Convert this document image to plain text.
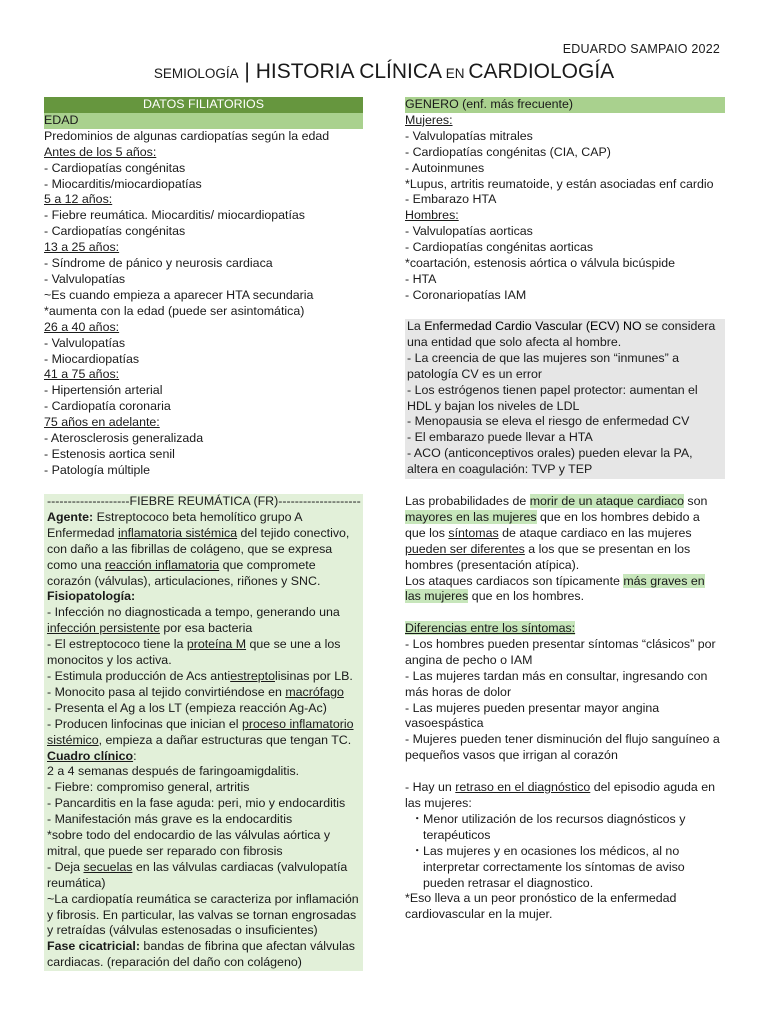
EDUARDO SAMPAIO 2022
SEMIOLOGÍA | HISTORIA CLÍNICA EN CARDIOLOGÍA
DATOS FILIATORIOS
EDAD
Predominios de algunas cardiopatías según la edad
Antes de los 5 años:
- Cardiopatías congénitas
- Miocarditis/miocardiopatías
5 a 12 años:
- Fiebre reumática. Miocarditis/ miocardiopatías
- Cardiopatías congénitas
13 a 25 años:
- Síndrome de pánico y neurosis cardiaca
- Valvulopatías
~Es cuando empieza a aparecer HTA secundaria
*aumenta con la edad (puede ser asintomática)
26 a 40 años:
- Valvulopatías
- Miocardiopatías
41 a 75 años:
- Hipertensión arterial
- Cardiopatía coronaria
75 años en adelante:
- Aterosclerosis generalizada
- Estenosis aortica senil
- Patología múltiple
--------------------FIEBRE REUMÁTICA (FR)--------------------
Agente: Estreptococo beta hemolítico grupo A
Enfermedad inflamatoria sistémica del tejido conectivo,
con daño a las fibrillas de colágeno, que se expresa
como una reacción inflamatoria que compromete
corazón (válvulas), articulaciones, riñones y SNC.
Fisiopatología:
- Infección no diagnosticada a tempo, generando una
infección persistente por esa bacteria
- El estreptococo tiene la proteína M que se une a los
monocitos y los activa.
- Estimula producción de Acs antiestreptolisinas por LB.
- Monocito pasa al tejido convirtiéndose en macrófago
- Presenta el Ag a los LT (empieza reacción Ag-Ac)
- Producen linfocinas que inician el proceso inflamatorio
sistémico, empieza a dañar estructuras que tengan TC.
Cuadro clínico:
2 a 4 semanas después de faringoamigdalitis.
- Fiebre: compromiso general, artritis
- Pancarditis en la fase aguda: peri, mio y endocarditis
- Manifestación más grave es la endocarditis
*sobre todo del endocardio de las válvulas aórtica y
mitral, que puede ser reparado con fibrosis
- Deja secuelas en las válvulas cardiacas (valvulopatía
reumática)
~La cardiopatía reumática se caracteriza por inflamación
y fibrosis. En particular, las valvas se tornan engrosadas
y retraídas (válvulas estenosadas o insuficientes)
Fase cicatricial: bandas de fibrina que afectan válvulas
cardiacas. (reparación del daño con colágeno)
GENERO (enf. más frecuente)
Mujeres:
- Valvulopatías mitrales
- Cardiopatías congénitas (CIA, CAP)
- Autoinmunes
*Lupus, artritis reumatoide, y están asociadas enf cardio
- Embarazo HTA
Hombres:
- Valvulopatías aorticas
- Cardiopatías congénitas aorticas
*coartación, estenosis aórtica o válvula bicúspide
- HTA
- Coronariopatías IAM
La Enfermedad Cardio Vascular (ECV) NO se considera
una entidad que solo afecta al hombre.
- La creencia de que las mujeres son “inmunes” a
patología CV es un error
- Los estrógenos tienen papel protector: aumentan el
HDL y bajan los niveles de LDL
- Menopausia se eleva el riesgo de enfermedad CV
- El embarazo puede llevar a HTA
- ACO (anticonceptivos orales) pueden elevar la PA,
altera en coagulación: TVP y TEP
Las probabilidades de morir de un ataque cardiaco son
mayores en las mujeres que en los hombres debido a
que los síntomas de ataque cardiaco en las mujeres
pueden ser diferentes a los que se presentan en los
hombres (presentación atípica).
Los ataques cardiacos son típicamente más graves en
las mujeres que en los hombres.
Diferencias entre los síntomas:
- Los hombres pueden presentar síntomas “clásicos” por
angina de pecho o IAM
- Las mujeres tardan más en consultar, ingresando con
más horas de dolor
- Las mujeres pueden presentar mayor angina
vasoespástica
- Mujeres pueden tener disminución del flujo sanguíneo a
pequeños vasos que irrigan al corazón

- Hay un retraso en el diagnóstico del episodio aguda en
las mujeres:
・ Menor utilización de los recursos diagnósticos y
terapéuticos
・ Las mujeres y en ocasiones los médicos, al no
interpretar correctamente los síntomas de aviso
pueden retrasar el diagnostico.
*Eso lleva a un peor pronóstico de la enfermedad
cardiovascular en la mujer.
